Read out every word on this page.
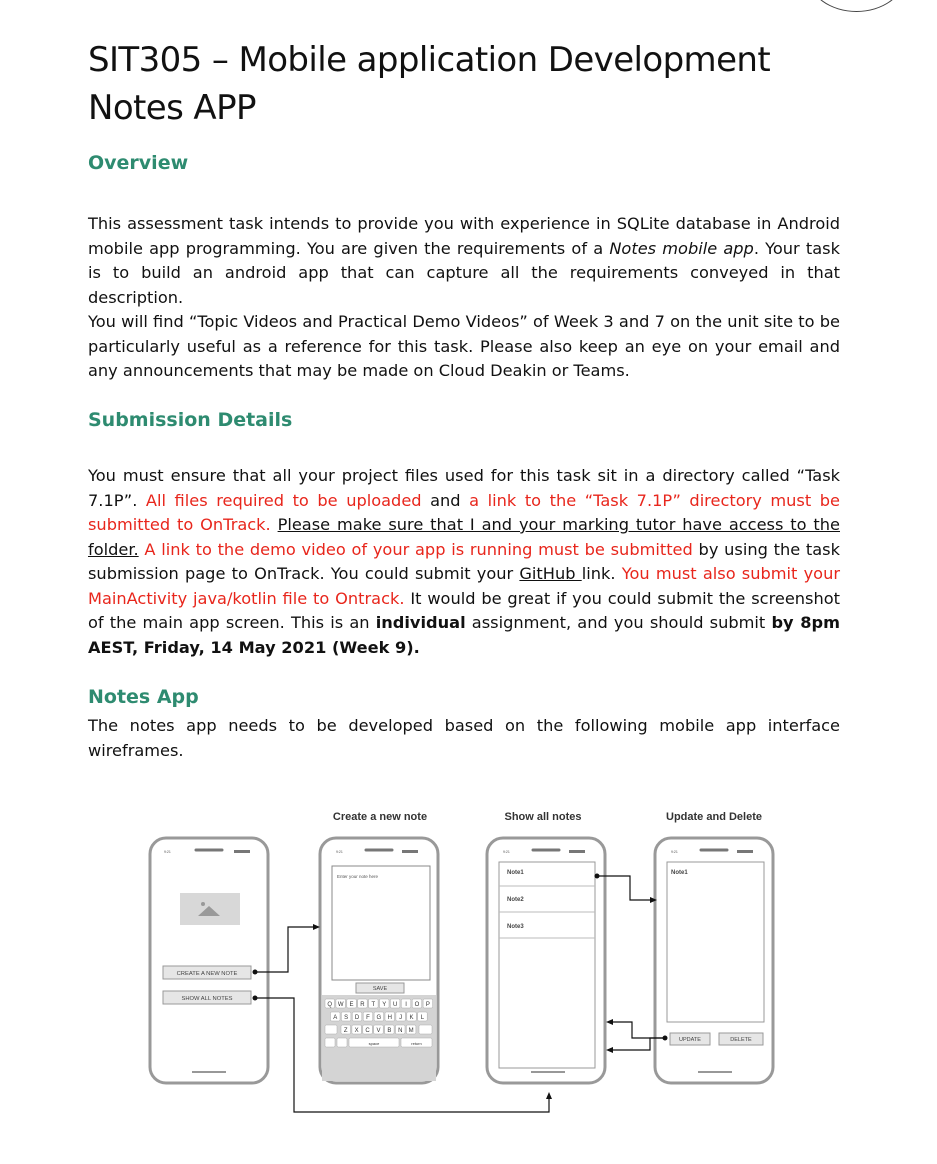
SIT305 – Mobile application Development
Notes APP
Overview

This assessment task intends to provide you with experience in SQLite database in Android mobile app programming. You are given the requirements of a Notes mobile app. Your task is to build an android app that can capture all the requirements conveyed in that description.

You will find “Topic Videos and Practical Demo Videos” of Week 3 and 7 on the unit site to be particularly useful as a reference for this task. Please also keep an eye on your email and any announcements that may be made on Cloud Deakin or Teams.

Submission Details

You must ensure that all your project files used for this task sit in a directory called “Task 7.1P”. All files required to be uploaded and a link to the “Task 7.1P” directory must be submitted to OnTrack. Please make sure that I and your marking tutor have access to the folder. A link to the demo video of your app is running must be submitted by using the task submission page to OnTrack. You could submit your GitHub link. You must also submit your MainActivity java/kotlin file to Ontrack. It would be great if you could submit the screenshot of the main app screen. This is an individual assignment, and you should submit by 8pm AEST, Friday, 14 May 2021 (Week 9).

Notes App

The notes app needs to be developed based on the following mobile app interface wireframes.

Create a new note	Show all notes	Update and Delete
9:21
CREATE A NEW NOTE
SHOW ALL NOTES
9:21
Enter your note here
SAVE
Q W E R T Y U I O P
A S D F G H J K L
Z X C V B N M
space	return
9:21
Note1
Note2
Note3
9:21
Note1
UPDATE	DELETE
